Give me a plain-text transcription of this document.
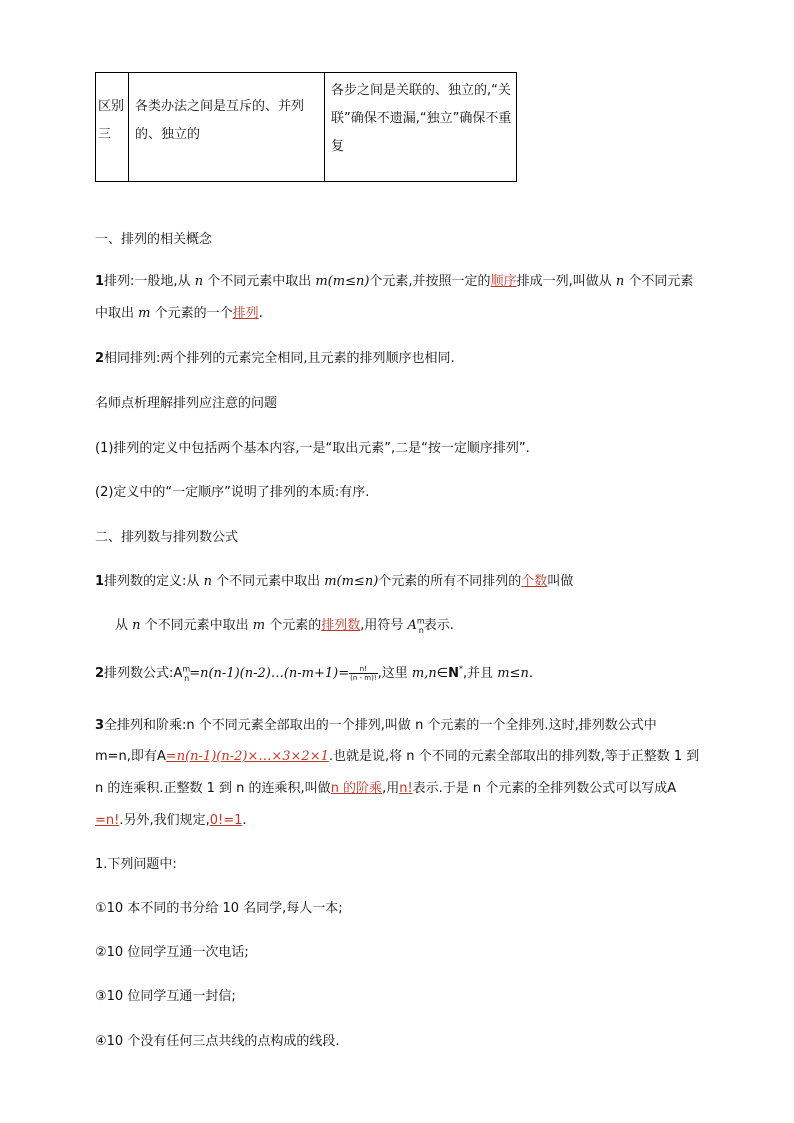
区别三	各类办法之间是互斥的、并列的、独立的	各步之间是关联的、独立的,“关联”确保不遗漏,“独立”确保不重复
一、排列的相关概念
1排列:一般地,从 n 个不同元素中取出 m(m≤n)个元素,并按照一定的顺序排成一列,叫做从 n 个不同元素
中取出 m 个元素的一个排列.
2相同排列:两个排列的元素完全相同,且元素的排列顺序也相同.
名师点析理解排列应注意的问题
(1)排列的定义中包括两个基本内容,一是“取出元素”,二是“按一定顺序排列”.
(2)定义中的“一定顺序”说明了排列的本质:有序.
二、排列数与排列数公式
1排列数的定义:从 n 个不同元素中取出 m(m≤n)个元素的所有不同排列的个数叫做
从 n 个不同元素中取出 m 个元素的排列数,用符号 $A^m_n$表示.
2排列数公式$:A^m_n=n(n-1)(n-2)\dots(n-m+1)= \frac{n!}{(n - m)!}$ ,这里 m,n∈N*,并且 m≤n.
3全排列和阶乘:n 个不同元素全部取出的一个排列,叫做 n 个元素的一个全排列.这时,排列数公式中
m=n,即有A=n(n-1)(n-2)×…×3×2×1.也就是说,将 n 个不同的元素全部取出的排列数,等于正整数 1 到
n 的连乘积.正整数 1 到 n 的连乘积,叫做n 的阶乘,用n!表示.于是 n 个元素的全排列数公式可以写成A
=n!.另外,我们规定,0!=1.
1.下列问题中:
①10 本不同的书分给 10 名同学,每人一本;
②10 位同学互通一次电话;
③10 位同学互通一封信;
④10 个没有任何三点共线的点构成的线段.
